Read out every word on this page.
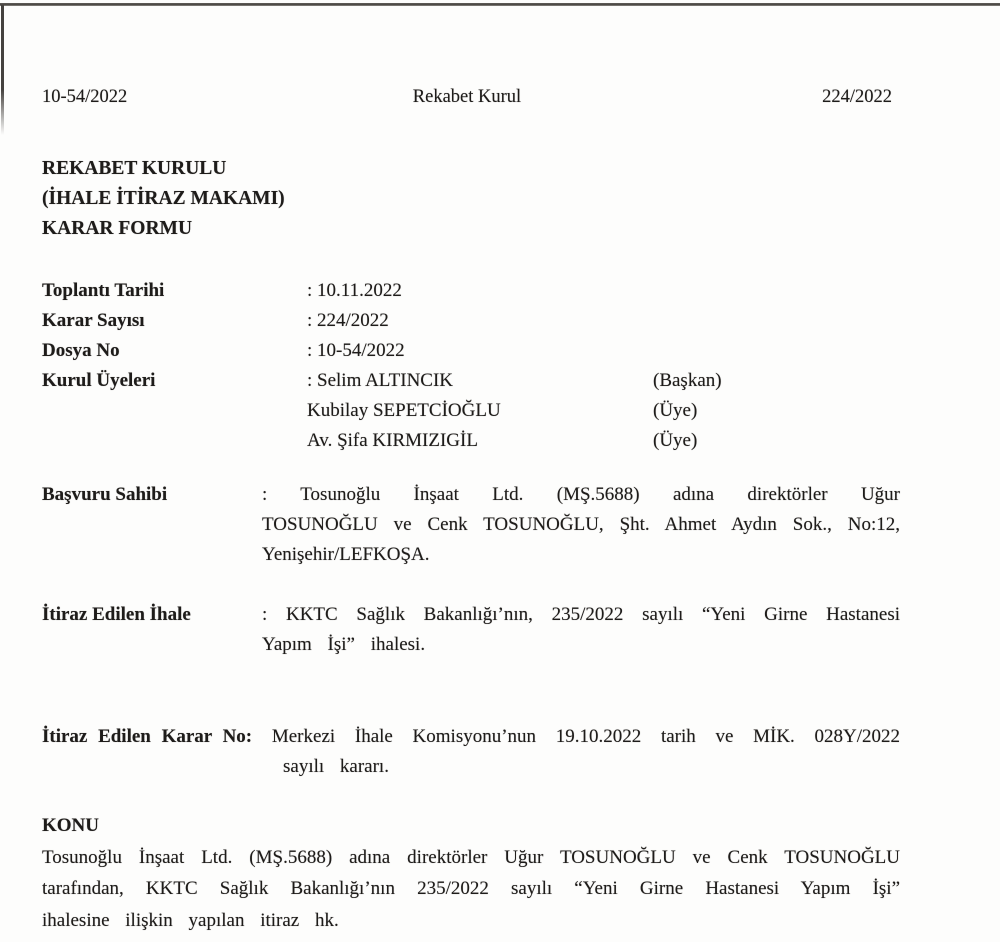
10-54/2022	Rekabet Kurul	224/2022
REKABET KURULU
(İHALE İTİRAZ MAKAMI)
KARAR FORMU
Toplantı Tarihi	: 10.11.2022
Karar Sayısı	: 224/2022
Dosya No	: 10-54/2022
Kurul Üyeleri	: Selim ALTINCIK	(Başkan)
Kubilay SEPETCİOĞLU	(Üye)
Av. Şifa KIRMIZIGİL	(Üye)
Başvuru Sahibi	: Tosunoğlu İnşaat Ltd. (MŞ.5688) adına direktörler Uğur TOSUNOĞLU ve Cenk TOSUNOĞLU, Şht. Ahmet Aydın Sok., No:12, Yenişehir/LEFKOŞA.
İtiraz Edilen İhale	: KKTC Sağlık Bakanlığı’nın, 235/2022 sayılı “Yeni Girne Hastanesi Yapım İşi” ihalesi.
İtiraz Edilen Karar No: Merkezi İhale Komisyonu’nun 19.10.2022 tarih ve MİK. 028Y/2022 sayılı kararı.
KONU
Tosunoğlu İnşaat Ltd. (MŞ.5688) adına direktörler Uğur TOSUNOĞLU ve Cenk TOSUNOĞLU tarafından, KKTC Sağlık Bakanlığı’nın 235/2022 sayılı “Yeni Girne Hastanesi Yapım İşi” ihalesine ilişkin yapılan itiraz hk.
